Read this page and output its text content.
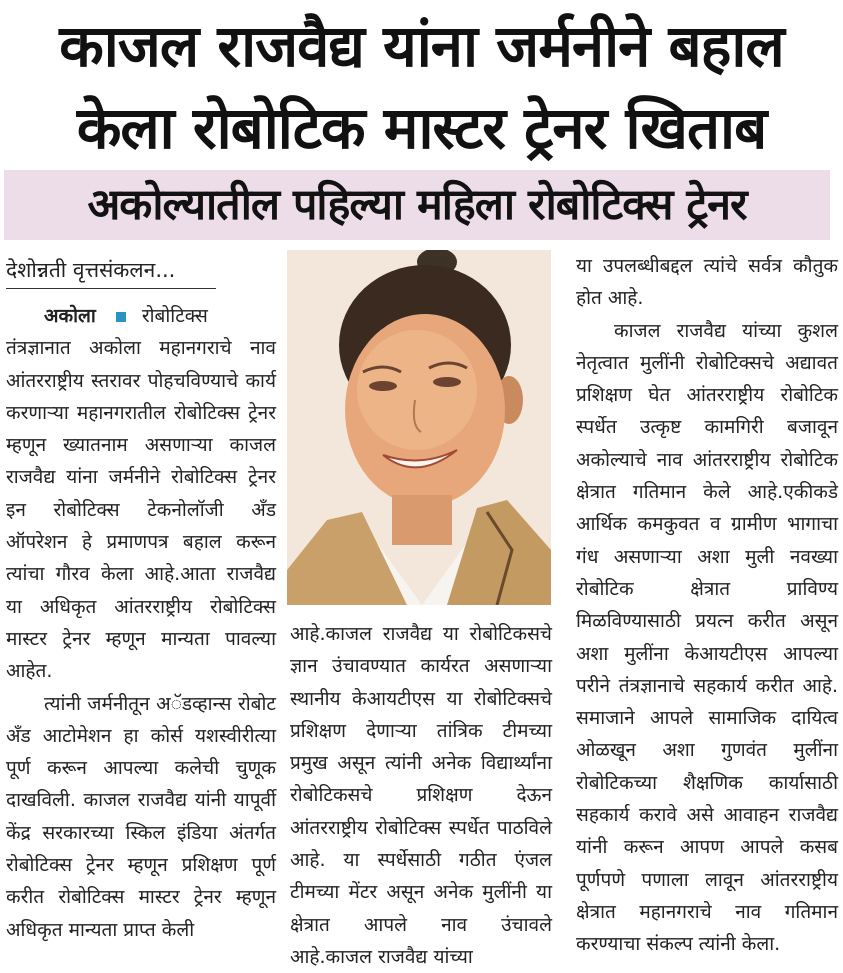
काजल राजवैद्य यांना जर्मनीने बहाल
केला रोबोटिक मास्टर ट्रेनर खिताब
अकोल्यातील पहिल्या महिला रोबोटिक्स ट्रेनर
देशोन्नती वृत्तसंकलन...

अकोला रोबोटिक्स तंत्रज्ञानात अकोला महानगराचे नाव आंतरराष्ट्रीय स्तरावर पोहचविण्याचे कार्य करणाऱ्या महानगरातील रोबोटिक्स ट्रेनर म्हणून ख्यातनाम असणाऱ्या काजल राजवैद्य यांना जर्मनीने रोबोटिक्स ट्रेनर इन रोबोटिक्स टेकनोलॉजी अँड ऑपरेशन हे प्रमाणपत्र बहाल करून त्यांचा गौरव केला आहे.आता राजवैद्य या अधिकृत आंतरराष्ट्रीय रोबोटिक्स मास्टर ट्रेनर म्हणून मान्यता पावल्या आहेत.

त्यांनी जर्मनीतून अॅडव्हान्स रोबोट अँड आटोमेशन हा कोर्स यशस्वीरीत्या पूर्ण करून आपल्या कलेची चुणूक दाखविली. काजल राजवैद्य यांनी यापूर्वी केंद्र सरकारच्या स्किल इंडिया अंतर्गत रोबोटिक्स ट्रेनर म्हणून प्रशिक्षण पूर्ण करीत रोबोटिक्स मास्टर ट्रेनर म्हणून अधिकृत मान्यता प्राप्त केली

आहे.काजल राजवैद्य या रोबोटिकसचे ज्ञान उंचावण्यात कार्यरत असणाऱ्या स्थानीय केआयटीएस या रोबोटिक्सचे प्रशिक्षण देणाऱ्या तांत्रिक टीमच्या प्रमुख असून त्यांनी अनेक विद्यार्थ्यांना रोबोटिकसचे प्रशिक्षण देऊन आंतरराष्ट्रीय रोबोटिक्स स्पर्धेत पाठविले आहे. या स्पर्धेसाठी गठीत एंजल टीमच्या मेंटर असून अनेक मुलींनी या क्षेत्रात आपले नाव उंचावले आहे.काजल राजवैद्य यांच्या

या उपलब्धीबद्दल त्यांचे सर्वत्र कौतुक होत आहे.

काजल राजवैद्य यांच्या कुशल नेतृत्वात मुलींनी रोबोटिक्सचे अद्यावत प्रशिक्षण घेत आंतरराष्ट्रीय रोबोटिक स्पर्धेत उत्कृष्ट कामगिरी बजावून अकोल्याचे नाव आंतरराष्ट्रीय रोबोटिक क्षेत्रात गतिमान केले आहे.एकीकडे आर्थिक कमकुवत व ग्रामीण भागाचा गंध असणाऱ्या अशा मुली नवख्या रोबोटिक क्षेत्रात प्राविण्य मिळविण्यासाठी प्रयत्न करीत असून अशा मुलींना केआयटीएस आपल्या परीने तंत्रज्ञानाचे सहकार्य करीत आहे. समाजाने आपले सामाजिक दायित्व ओळखून अशा गुणवंत मुलींना रोबोटिकच्या शैक्षणिक कार्यासाठी सहकार्य करावे असे आवाहन राजवैद्य यांनी करून आपण आपले कसब पूर्णपणे पणाला लावून आंतरराष्ट्रीय क्षेत्रात महानगराचे नाव गतिमान करण्याचा संकल्प त्यांनी केला.
